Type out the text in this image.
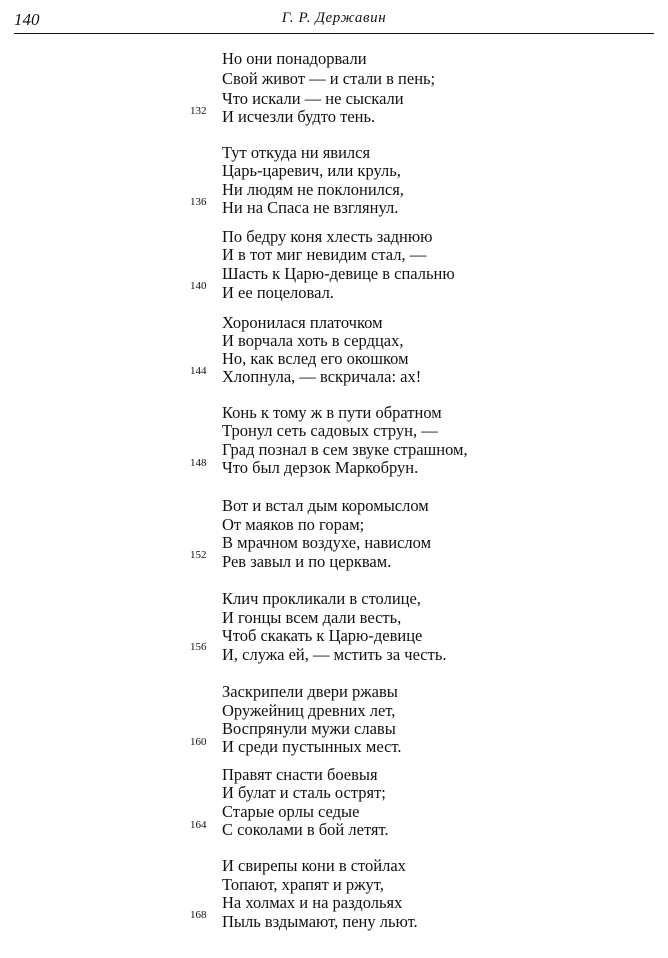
140	Г. Р. Державин
Но они понадорвали
Свой живот — и стали в пень;
Что искали — не сыскали
И исчезли будто тень.
132
Тут откуда ни явился
Царь-царевич, или круль,
Ни людям не поклонился,
Ни на Спаса не взглянул.
136
По бедру коня хлесть заднюю
И в тот миг невидим стал, —
Шасть к Царю-девице в спальню
И ее поцеловал.
140
Хоронилася платочком
И ворчала хоть в сердцах,
Но, как вслед его окошком
Хлопнула, — вскричала: ах!
144
Конь к тому ж в пути обратном
Тронул сеть садовых струн, —
Град познал в сем звуке страшном,
Что был дерзок Маркобрун.
148
Вот и встал дым коромыслом
От маяков по горам;
В мрачном воздухе, навислом
Рев завыл и по церквам.
152
Клич прокликали в столице,
И гонцы всем дали весть,
Чтоб скакать к Царю-девице
И, служа ей, — мстить за честь.
156
Заскрипели двери ржавы
Оружейниц древних лет,
Воспрянули мужи славы
И среди пустынных мест.
160
Правят снасти боевыя
И булат и сталь острят;
Старые орлы седые
С соколами в бой летят.
164
И свирепы кони в стойлах
Топают, храпят и ржут,
На холмах и на раздольях
Пыль вздымают, пену льют.
168
